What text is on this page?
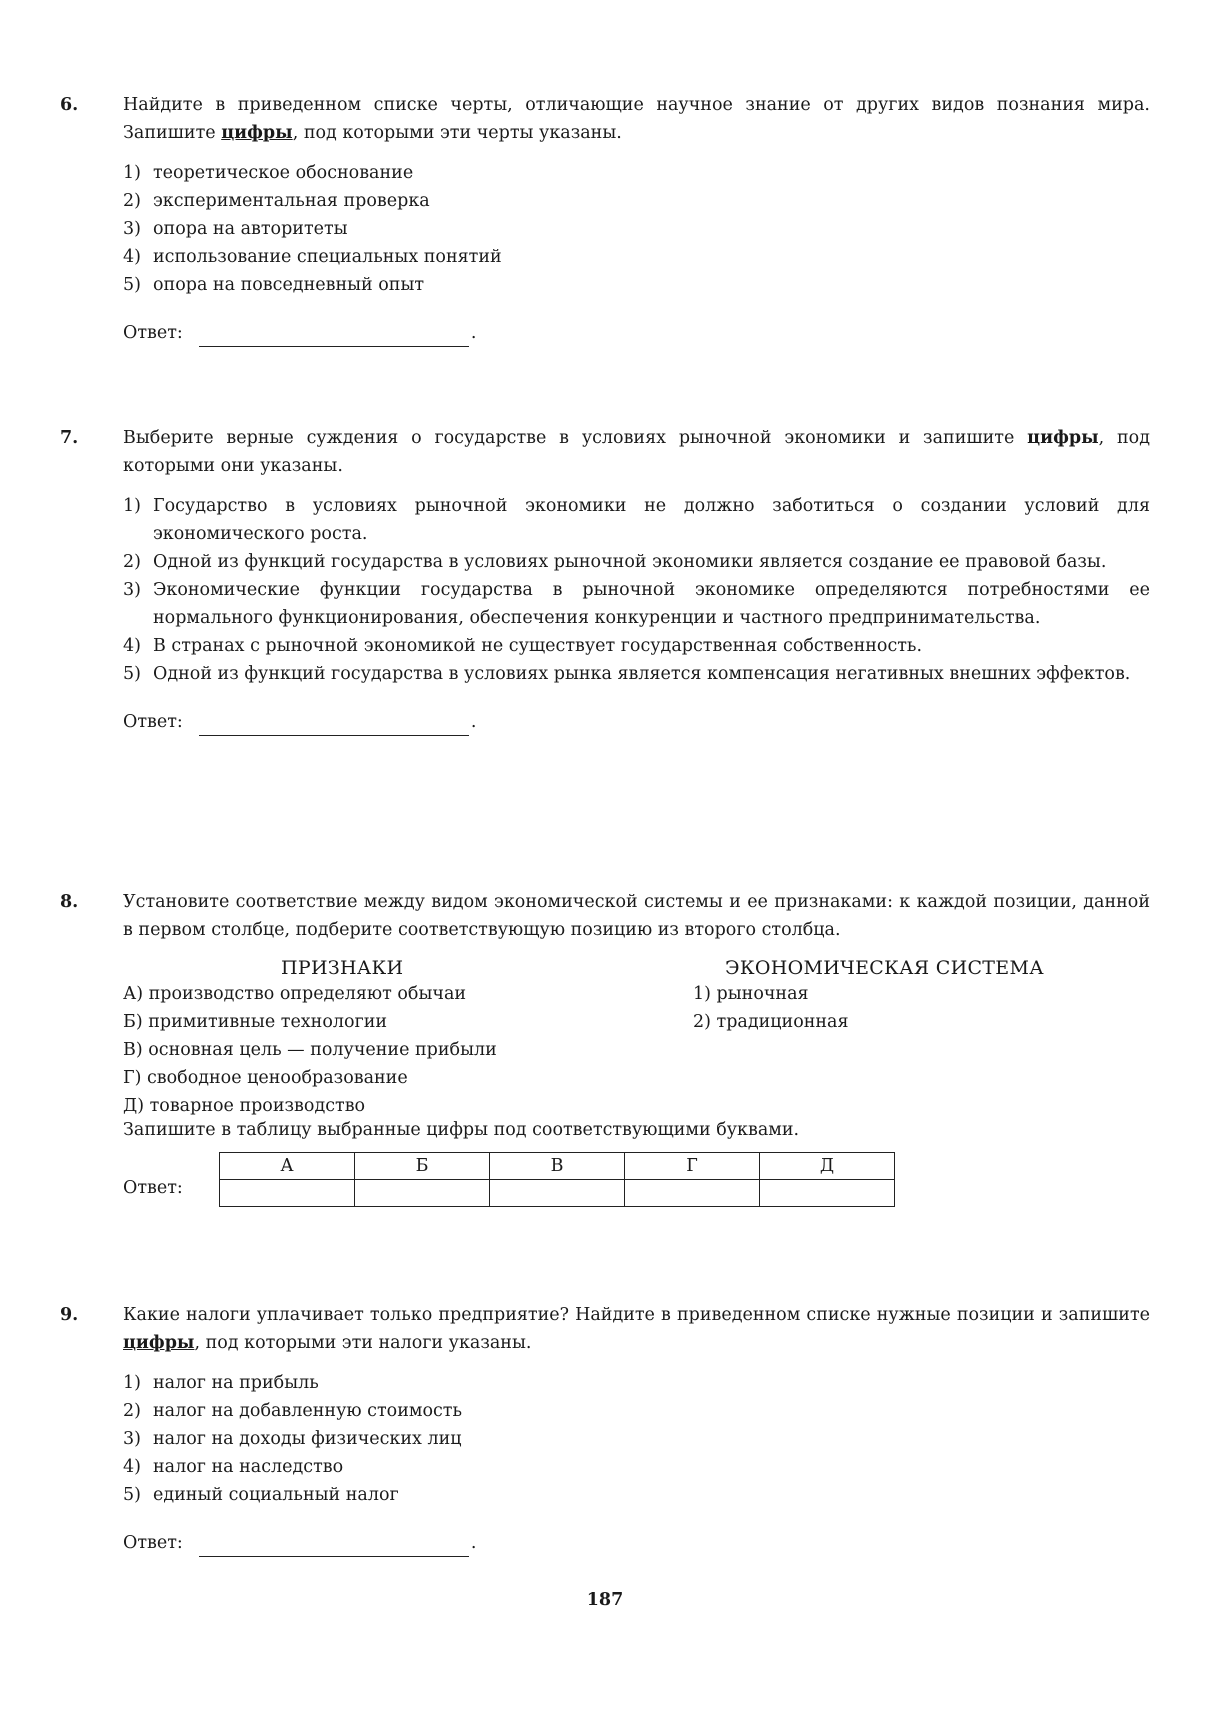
6.	Найдите в приведенном списке черты, отличающие научное знание от других видов познания мира. Запишите цифры, под которыми эти черты указаны.

1) теоретическое обоснование
2) экспериментальная проверка
3) опора на авторитеты
4) использование специальных понятий
5) опора на повседневный опыт
Ответ:	.
7.	Выберите верные суждения о государстве в условиях рыночной экономики и запишите цифры, под которыми они указаны.

1) Государство в условиях рыночной экономики не должно заботиться о создании условий для экономического роста.
2) Одной из функций государства в условиях рыночной экономики является создание ее правовой базы.
3) Экономические функции государства в рыночной экономике определяются потребностями ее нормального функционирования, обеспечения конкуренции и частного предпринимательства.
4) В странах с рыночной экономикой не существует государственная собственность.
5) Одной из функций государства в условиях рынка является компенсация негативных внешних эффектов.
Ответ:	.
8.	Установите соответствие между видом экономической системы и ее признаками: к каждой позиции, данной в первом столбце, подберите соответствующую позицию из второго столбца.

ПРИЗНАКИ
А) производство определяют обычаи
Б) примитивные технологии
В) основная цель — получение прибыли
Г) свободное ценообразование
Д) товарное производство
ЭКОНОМИЧЕСКАЯ СИСТЕМА
1) рыночная
2) традиционная
Запишите в таблицу выбранные цифры под соответствующими буквами.
Ответ:
А	Б	В	Г	Д

9.	Какие налоги уплачивает только предприятие? Найдите в приведенном списке нужные позиции и запишите цифры, под которыми эти налоги указаны.

1) налог на прибыль
2) налог на добавленную стоимость
3) налог на доходы физических лиц
4) налог на наследство
5) единый социальный налог
Ответ:	.
187
